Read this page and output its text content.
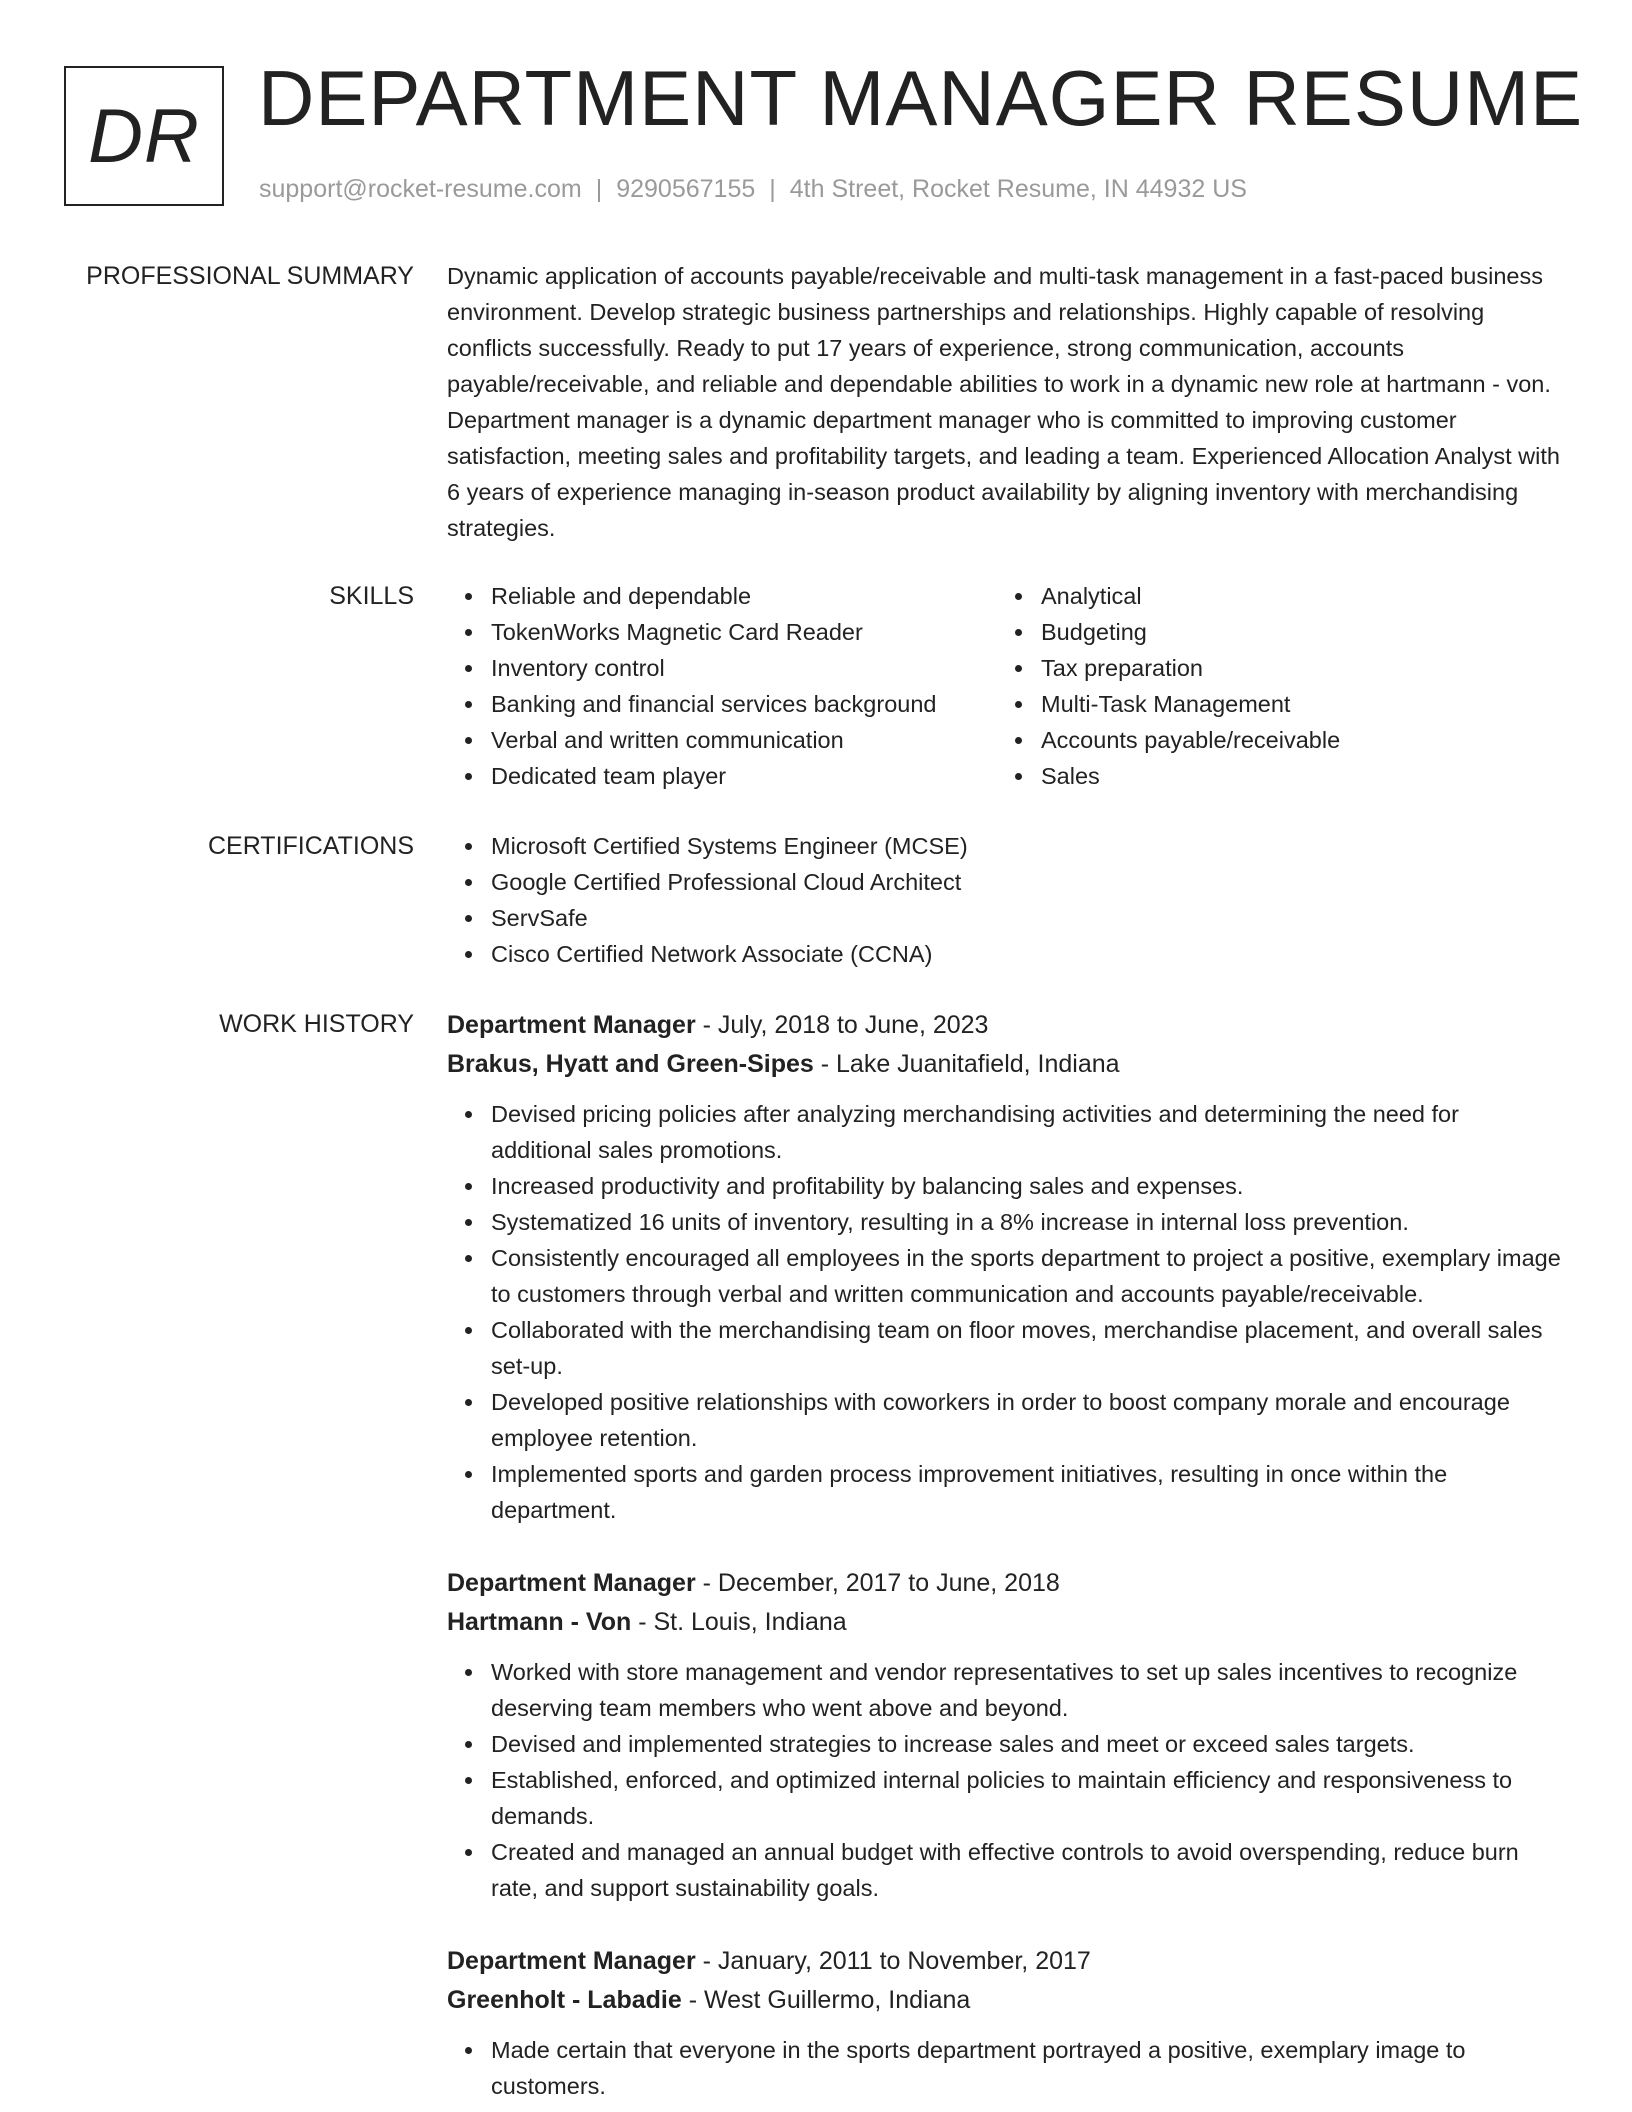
DR DEPARTMENT MANAGER RESUME
support@rocket-resume.com | 9290567155 | 4th Street, Rocket Resume, IN 44932 US
PROFESSIONAL SUMMARY Dynamic application of accounts payable/receivable and multi-task management in a fast-paced business environment. Develop strategic business partnerships and relationships. Highly capable of resolving conflicts successfully. Ready to put 17 years of experience, strong communication, accounts payable/receivable, and reliable and dependable abilities to work in a dynamic new role at hartmann - von. Department manager is a dynamic department manager who is committed to improving customer satisfaction, meeting sales and profitability targets, and leading a team. Experienced Allocation Analyst with 6 years of experience managing in-season product availability by aligning inventory with merchandising strategies.

SKILLS	Reliable and dependable
TokenWorks Magnetic Card Reader
Inventory control
Banking and financial services background
Verbal and written communication
Dedicated team player
Analytical
Budgeting
Tax preparation
Multi-Task Management
Accounts payable/receivable
Sales
CERTIFICATIONS	Microsoft Certified Systems Engineer (MCSE)
Google Certified Professional Cloud Architect
ServSafe
Cisco Certified Network Associate (CCNA)
WORK HISTORY Department Manager - July, 2018 to June, 2023
Brakus, Hyatt and Green-Sipes - Lake Juanitafield, Indiana
Devised pricing policies after analyzing merchandising activities and determining the need for additional sales promotions.
Increased productivity and profitability by balancing sales and expenses.
Systematized 16 units of inventory, resulting in a 8% increase in internal loss prevention.
Consistently encouraged all employees in the sports department to project a positive, exemplary image to customers through verbal and written communication and accounts payable/receivable.
Collaborated with the merchandising team on floor moves, merchandise placement, and overall sales set-up.
Developed positive relationships with coworkers in order to boost company morale and encourage employee retention.
Implemented sports and garden process improvement initiatives, resulting in once within the department.
Department Manager - December, 2017 to June, 2018
Hartmann - Von - St. Louis, Indiana
Worked with store management and vendor representatives to set up sales incentives to recognize deserving team members who went above and beyond.
Devised and implemented strategies to increase sales and meet or exceed sales targets.
Established, enforced, and optimized internal policies to maintain efficiency and responsiveness to demands.
Created and managed an annual budget with effective controls to avoid overspending, reduce burn rate, and support sustainability goals.
Department Manager - January, 2011 to November, 2017
Greenholt - Labadie - West Guillermo, Indiana
Made certain that everyone in the sports department portrayed a positive, exemplary image to customers.
